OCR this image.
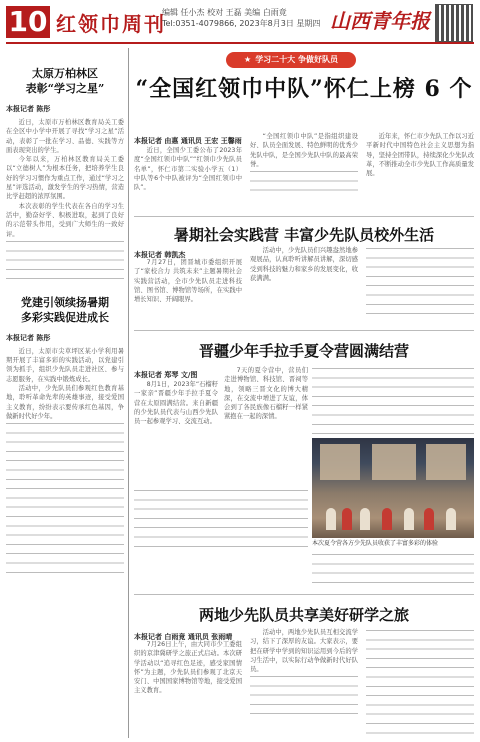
10 红领巾周刊
编辑 任小杰 校对 王磊 美编 白雨竟
Tel:0351-4079866, 2023年8月3日 星期四 山西青年报
太原万柏林区
表彰“学习之星”
本报记者 陈彤

近日，太原市万柏林区教育局关工委在全区中小学中开展了寻找“学习之星”活动，表彰了一批在学习、品德、实践等方面表现突出的学生。

今年以来，万柏林区教育局关工委以“立德树人”为根本任务，把培养学生良好的学习习惯作为重点工作，通过“学习之星”评选活动，激发学生的学习热情，营造比学赶超的浓厚氛围。

本次表彰的学生代表在各自的学习生活中，勤奋好学、积极进取，起到了良好的示范带头作用，受到广大师生的一致好评。

党建引领续扬暑期
多彩实践促进成长
本报记者 陈彤

近日，太原市尖草坪区某小学利用暑期开展了丰富多彩的实践活动，以党建引领为抓手，组织少先队员走进社区、参与志愿服务，在实践中锻炼成长。

活动中，少先队员们参观红色教育基地，聆听革命先辈的英雄事迹，接受爱国主义教育，纷纷表示要传承红色基因，争做新时代好少年。

★ 学习二十大 争做好队员
“全国红领巾中队”怀仁上榜 6 个
本报记者 由惠 通讯员 王宏 王馨雨

近日，全国少工委公布了2023年度“全国红领巾中队”“红领巾少先队员名单”，怀仁市第二实验小学五（1）中队等6个中队被评为“全国红领巾中队”。

“全国红领巾中队”是指组织建设好、队员全面发展、特色鲜明的优秀少先队中队，是全国少先队中队的最高荣誉。

近年来，怀仁市少先队工作以习近平新时代中国特色社会主义思想为指导，坚持全团带队，持续深化少先队改革，不断推动全市少先队工作高质量发展。

暑期社会实践营 丰富少先队员校外生活
本报记者 韩凯杰

7月27日，团晋城市委组织开展了“家校合力 共筑未来”主题暑期社会实践营活动，全市少先队员走进科技馆、图书馆、博物馆等场所，在实践中增长知识、开阔眼界。

活动中，少先队员们兴趣盎然地参观展品，认真聆听讲解员讲解，深切感受到科技的魅力和家乡的发展变化，收获满满。

晋疆少年手拉手夏令营圆满结营
本报记者 郑琴 文/图

8月1日，2023年“石榴籽一家亲”晋疆少年手拉手夏令营在太原圆满结营。来自新疆的少先队员代表与山西少先队员一起参观学习、交流互动。

7天的夏令营中，营员们走进博物馆、科技馆、晋祠等地，领略三晋文化的博大精深，在交流中增进了友谊，体会到了各民族像石榴籽一样紧紧抱在一起的深情。

本次夏令营各方少先队员收获了丰富多彩的体验
两地少先队员共享美好研学之旅
本报记者 白雨竟 通讯员 张雨晴

7月26日上午，由大同市少工委组织的京津冀研学之旅正式启动。本次研学活动以“追寻红色足迹，感受家国情怀”为主题，少先队员们参观了北京天安门、中国国家博物馆等地，接受爱国主义教育。

活动中，两地少先队员互相交流学习，结下了深厚的友谊。大家表示，要把在研学中学到的知识运用到今后的学习生活中，以实际行动争做新时代好队员。
